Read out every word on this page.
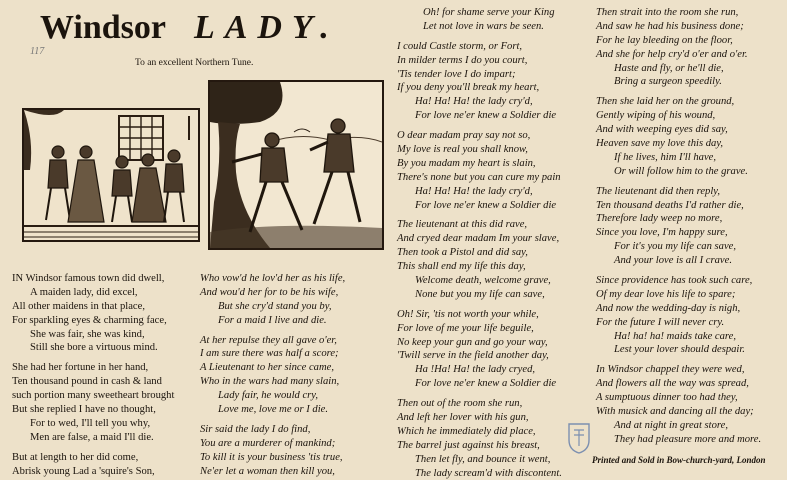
Windsor LADY.
117
To an excellent Northern Tune.
IN Windsor famous town did dwell,
A maiden lady, did excel,
All other maidens in that place,
For sparkling eyes & charming face,
She was fair, she was kind,
Still she bore a virtuous mind.
She had her fortune in her hand,
Ten thousand pound in cash & land
such portion many sweetheart brought
But she replied I have no thought,
For to wed, I'll tell you why,
Men are false, a maid I'll die.
But at length to her did come,
Abrisk young Lad a 'squire's Son,
Who vow'd he lov'd her as his life,
And wou'd her for to be his wife,
But she cry'd stand you by,
For a maid I live and die.
At her repulse they all gave o'er,
I am sure there was half a score;
A Lieutenant to her since came,
Who in the wars had many slain,
Lady fair, he would cry,
Love me, love me or I die.
Sir said the lady I do find,
You are a murderer of mankind;
To kill it is your business 'tis true,
Ne'er let a woman then kill you,
Oh! for shame serve your King
Let not love in wars be seen.
I could Castle storm, or Fort,
In milder terms I do you court,
'Tis tender love I do impart;
If you deny you'll break my heart,
Ha! Ha! Ha! the lady cry'd,
For love ne'er knew a Soldier die
O dear madam pray say not so,
My love is real you shall know,
By you madam my heart is slain,
There's none but you can cure my pain
Ha! Ha! Ha! the lady cry'd,
For love ne'er knew a Soldier die
The lieutenant at this did rave,
And cryed dear madam Im your slave,
Then took a Pistol and did say,
This shall end my life this day,
Welcome death, welcome grave,
None but you my life can save,
Oh! Sir, 'tis not worth your while,
For love of me your life beguile,
No keep your gun and go your way,
'Twill serve in the field another day,
Ha !Ha! Ha! the lady cryed,
For love ne'er knew a Soldier die
Then out of the room she run,
And left her lover with his gun,
Which he immediately did place,
The barrel just against his breast,
Then let fly, and bounce it went,
The lady scream'd with discontent.
Then strait into the room she run,
And saw he had his business done;
For he lay bleeding on the floor,
And she for help cry'd o'er and o'er.
Haste and fly, or he'll die,
Bring a surgeon speedily.
Then she laid her on the ground,
Gently wiping of his wound,
And with weeping eyes did say,
Heaven save my love this day,
If he lives, him I'll have,
Or will follow him to the grave.
The lieutenant did then reply,
Ten thousand deaths I'd rather die,
Therefore lady weep no more,
Since you love, I'm happy sure,
For it's you my life can save,
And your love is all I crave.
Since providence has took such care,
Of my dear love his life to spare;
And now the wedding-day is nigh,
For the future I will never cry.
Ha! ha! ha! maids take care,
Lest your lover should despair.
In Windsor chappel they were wed,
And flowers all the way was spread,
A sumptuous dinner too had they,
With musick and dancing all the day;
And at night in great store,
They had pleasure more and more.
Printed and Sold in Bow-church-yard, London
